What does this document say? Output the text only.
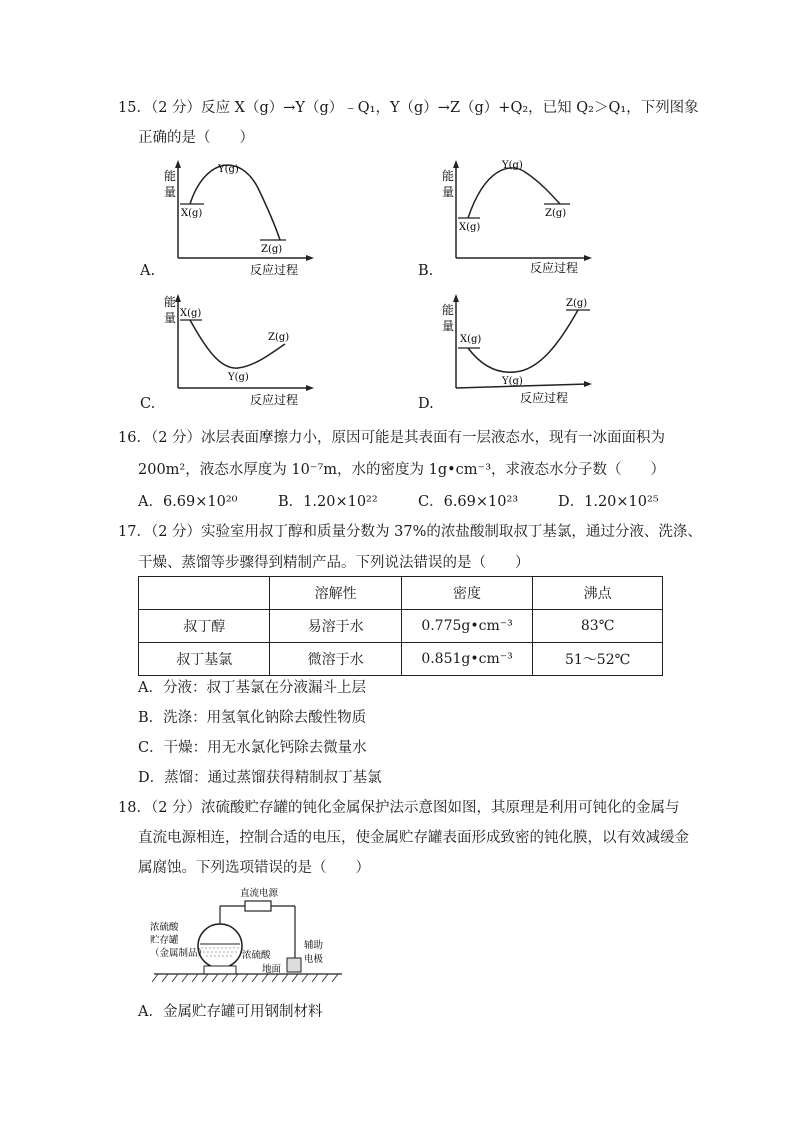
15．（2 分）反应 X（g）→Y（g）﹣Q₁，Y（g）→Z（g）+Q₂，已知 Q₂＞Q₁，下列图象
正确的是（　　）
能
量
X(g)
Y(g)
Z(g)
反应过程
A.
能
量
X(g)
Y(g)
Z(g)
反应过程
B.
能
量 X(g)
Y(g)
Z(g)
反应过程
C.
能
量
X(g)
Y(g)
Z(g)
反应过程
D.
16．（2 分）冰层表面摩擦力小，原因可能是其表面有一层液态水，现有一冰面面积为
200m²，液态水厚度为 10⁻⁷m，水的密度为 1g•cm⁻³，求液态水分子数（　　）
A．6.69×10²⁰	B．1.20×10²²	C．6.69×10²³	D．1.20×10²⁵
17．（2 分）实验室用叔丁醇和质量分数为 37%的浓盐酸制取叔丁基氯，通过分液、洗涤、
干燥、蒸馏等步骤得到精制产品。下列说法错误的是（　　）
	溶解性	密度	沸点
叔丁醇	易溶于水	0.775g•cm⁻³	83℃
叔丁基氯	微溶于水	0.851g•cm⁻³	51～52℃
A．分液：叔丁基氯在分液漏斗上层
B．洗涤：用氢氧化钠除去酸性物质
C．干燥：用无水氯化钙除去微量水
D．蒸馏：通过蒸馏获得精制叔丁基氯
18．（2 分）浓硫酸贮存罐的钝化金属保护法示意图如图，其原理是利用可钝化的金属与
直流电源相连，控制合适的电压，使金属贮存罐表面形成致密的钝化膜，以有效减缓金
属腐蚀。下列选项错误的是（　　）
直流电源
浓硫酸
贮存罐
（金属制品）	浓硫酸
辅助
电极
地面
A．金属贮存罐可用钢制材料
